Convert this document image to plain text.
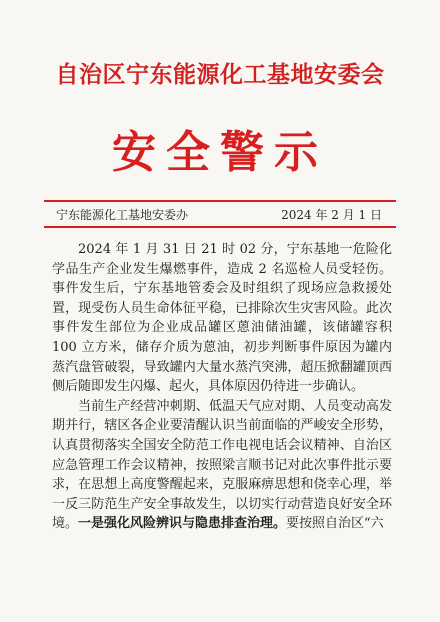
自治区宁东能源化工基地安委会
安全警示
宁东能源化工基地安委办	2024 年 2 月 1 日

2024 年 1 月 31 日 21 时 02 分，宁东基地一危险化学品生产企业发生爆燃事件，造成 2 名巡检人员受轻伤。事件发生后，宁东基地管委会及时组织了现场应急救援处置，现受伤人员生命体征平稳，已排除次生灾害风险。此次事件发生部位为企业成品罐区蒽油储油罐，该储罐容积 100 立方米，储存介质为蒽油，初步判断事件原因为罐内蒸汽盘管破裂，导致罐内大量水蒸汽突沸，超压掀翻罐顶西侧后随即发生闪爆、起火，具体原因仍待进一步确认。

当前生产经营冲刺期、低温天气应对期、人员变动高发期并行，辖区各企业要清醒认识当前面临的严峻安全形势，认真贯彻落实全国安全防范工作电视电话会议精神、自治区应急管理工作会议精神，按照梁言顺书记对此次事件批示要求，在思想上高度警醒起来，克服麻痹思想和侥幸心理，举一反三防范生产安全事故发生，以切实行动营造良好安全环境。一是强化风险辨识与隐患排查治理。要按照自治区“六
